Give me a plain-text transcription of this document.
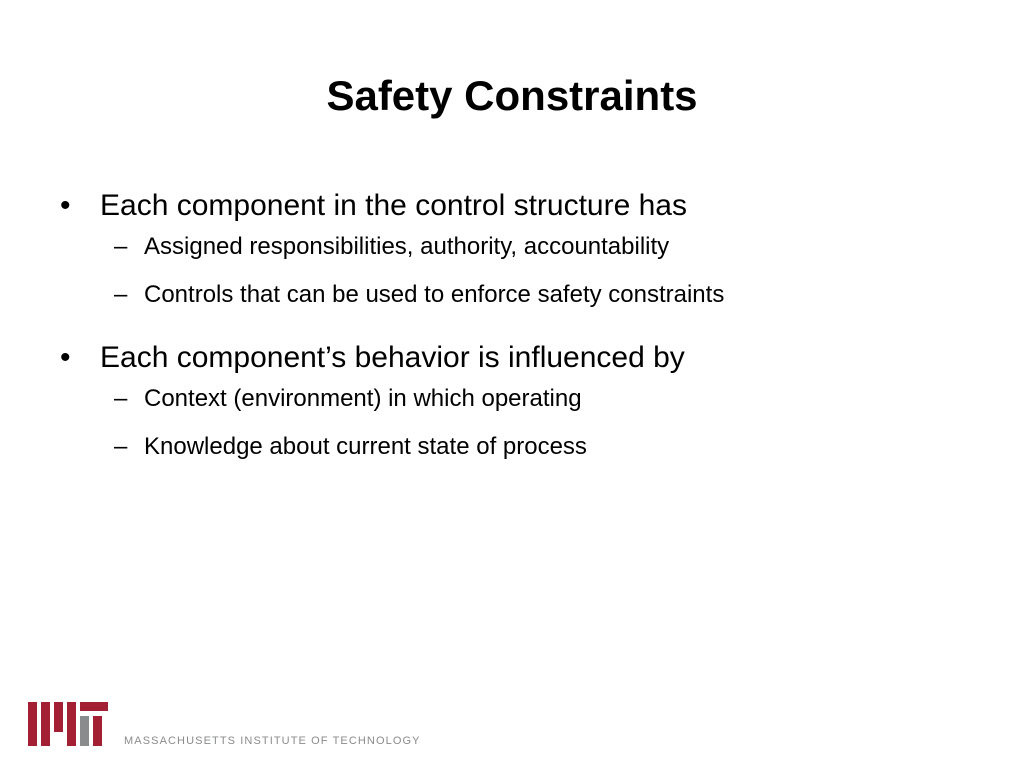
Safety Constraints
• Each component in the control structure has
– Assigned responsibilities, authority, accountability
– Controls that can be used to enforce safety constraints
• Each component’s behavior is influenced by
– Context (environment) in which operating
– Knowledge about current state of process
MASSACHUSETTS INSTITUTE OF TECHNOLOGY
